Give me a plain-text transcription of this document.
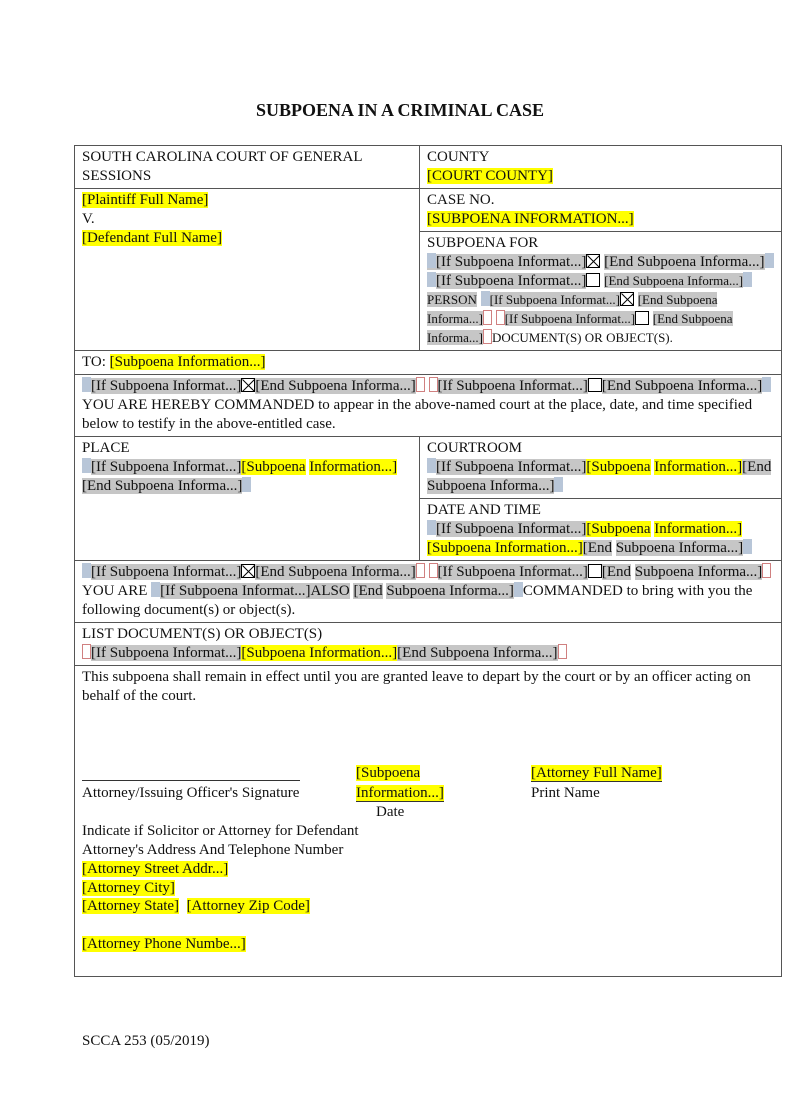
SUBPOENA IN A CRIMINAL CASE
SOUTH CAROLINA COURT OF GENERAL SESSIONS
COUNTY
[COURT COUNTY]
[Plaintiff Full Name]
V.
[Defendant Full Name]
CASE NO.
[SUBPOENA INFORMATION...]
SUBPOENA FOR
[If Subpoena Informat...] [End Subpoena Informa...] [If Subpoena Informat...] [End Subpoena Informa...]PERSON [If Subpoena Informat...] [End Subpoena Informa...] [If Subpoena Informat...] [End Subpoena Informa...] DOCUMENT(S) OR OBJECT(S).
TO: [Subpoena Information...]
[If Subpoena Informat...] [End Subpoena Informa...] [If Subpoena Informat...] [End Subpoena Informa...]YOU ARE HEREBY COMMANDED to appear in the above-named court at the place, date, and time specified below to testify in the above-entitled case.
PLACE
[If Subpoena Informat...][Subpoena Information...][End Subpoena Informa...]
COURTROOM
[If Subpoena Informat...][Subpoena Information...][End Subpoena Informa...]
DATE AND TIME
[If Subpoena Informat...][Subpoena Information...] [Subpoena Information...][End Subpoena Informa...]
[If Subpoena Informat...] [End Subpoena Informa...] [If Subpoena Informat...] [End Subpoena Informa...] YOU ARE [If Subpoena Informat...]ALSO [End Subpoena Informa...] COMMANDED to bring with you the following document(s) or object(s).
LIST DOCUMENT(S) OR OBJECT(S)
[If Subpoena Informat...][Subpoena Information...][End Subpoena Informa...]
This subpoena shall remain in effect until you are granted leave to depart by the court or by an officer acting on behalf of the court.
Attorney/Issuing Officer's Signature
[Subpoena
Information...]
Date
[Attorney Full Name]
Print Name
Indicate if Solicitor or Attorney for Defendant
Attorney's Address And Telephone Number
[Attorney Street Addr...]
[Attorney City]
[Attorney State] [Attorney Zip Code]
[Attorney Phone Numbe...]
SCCA 253 (05/2019)
